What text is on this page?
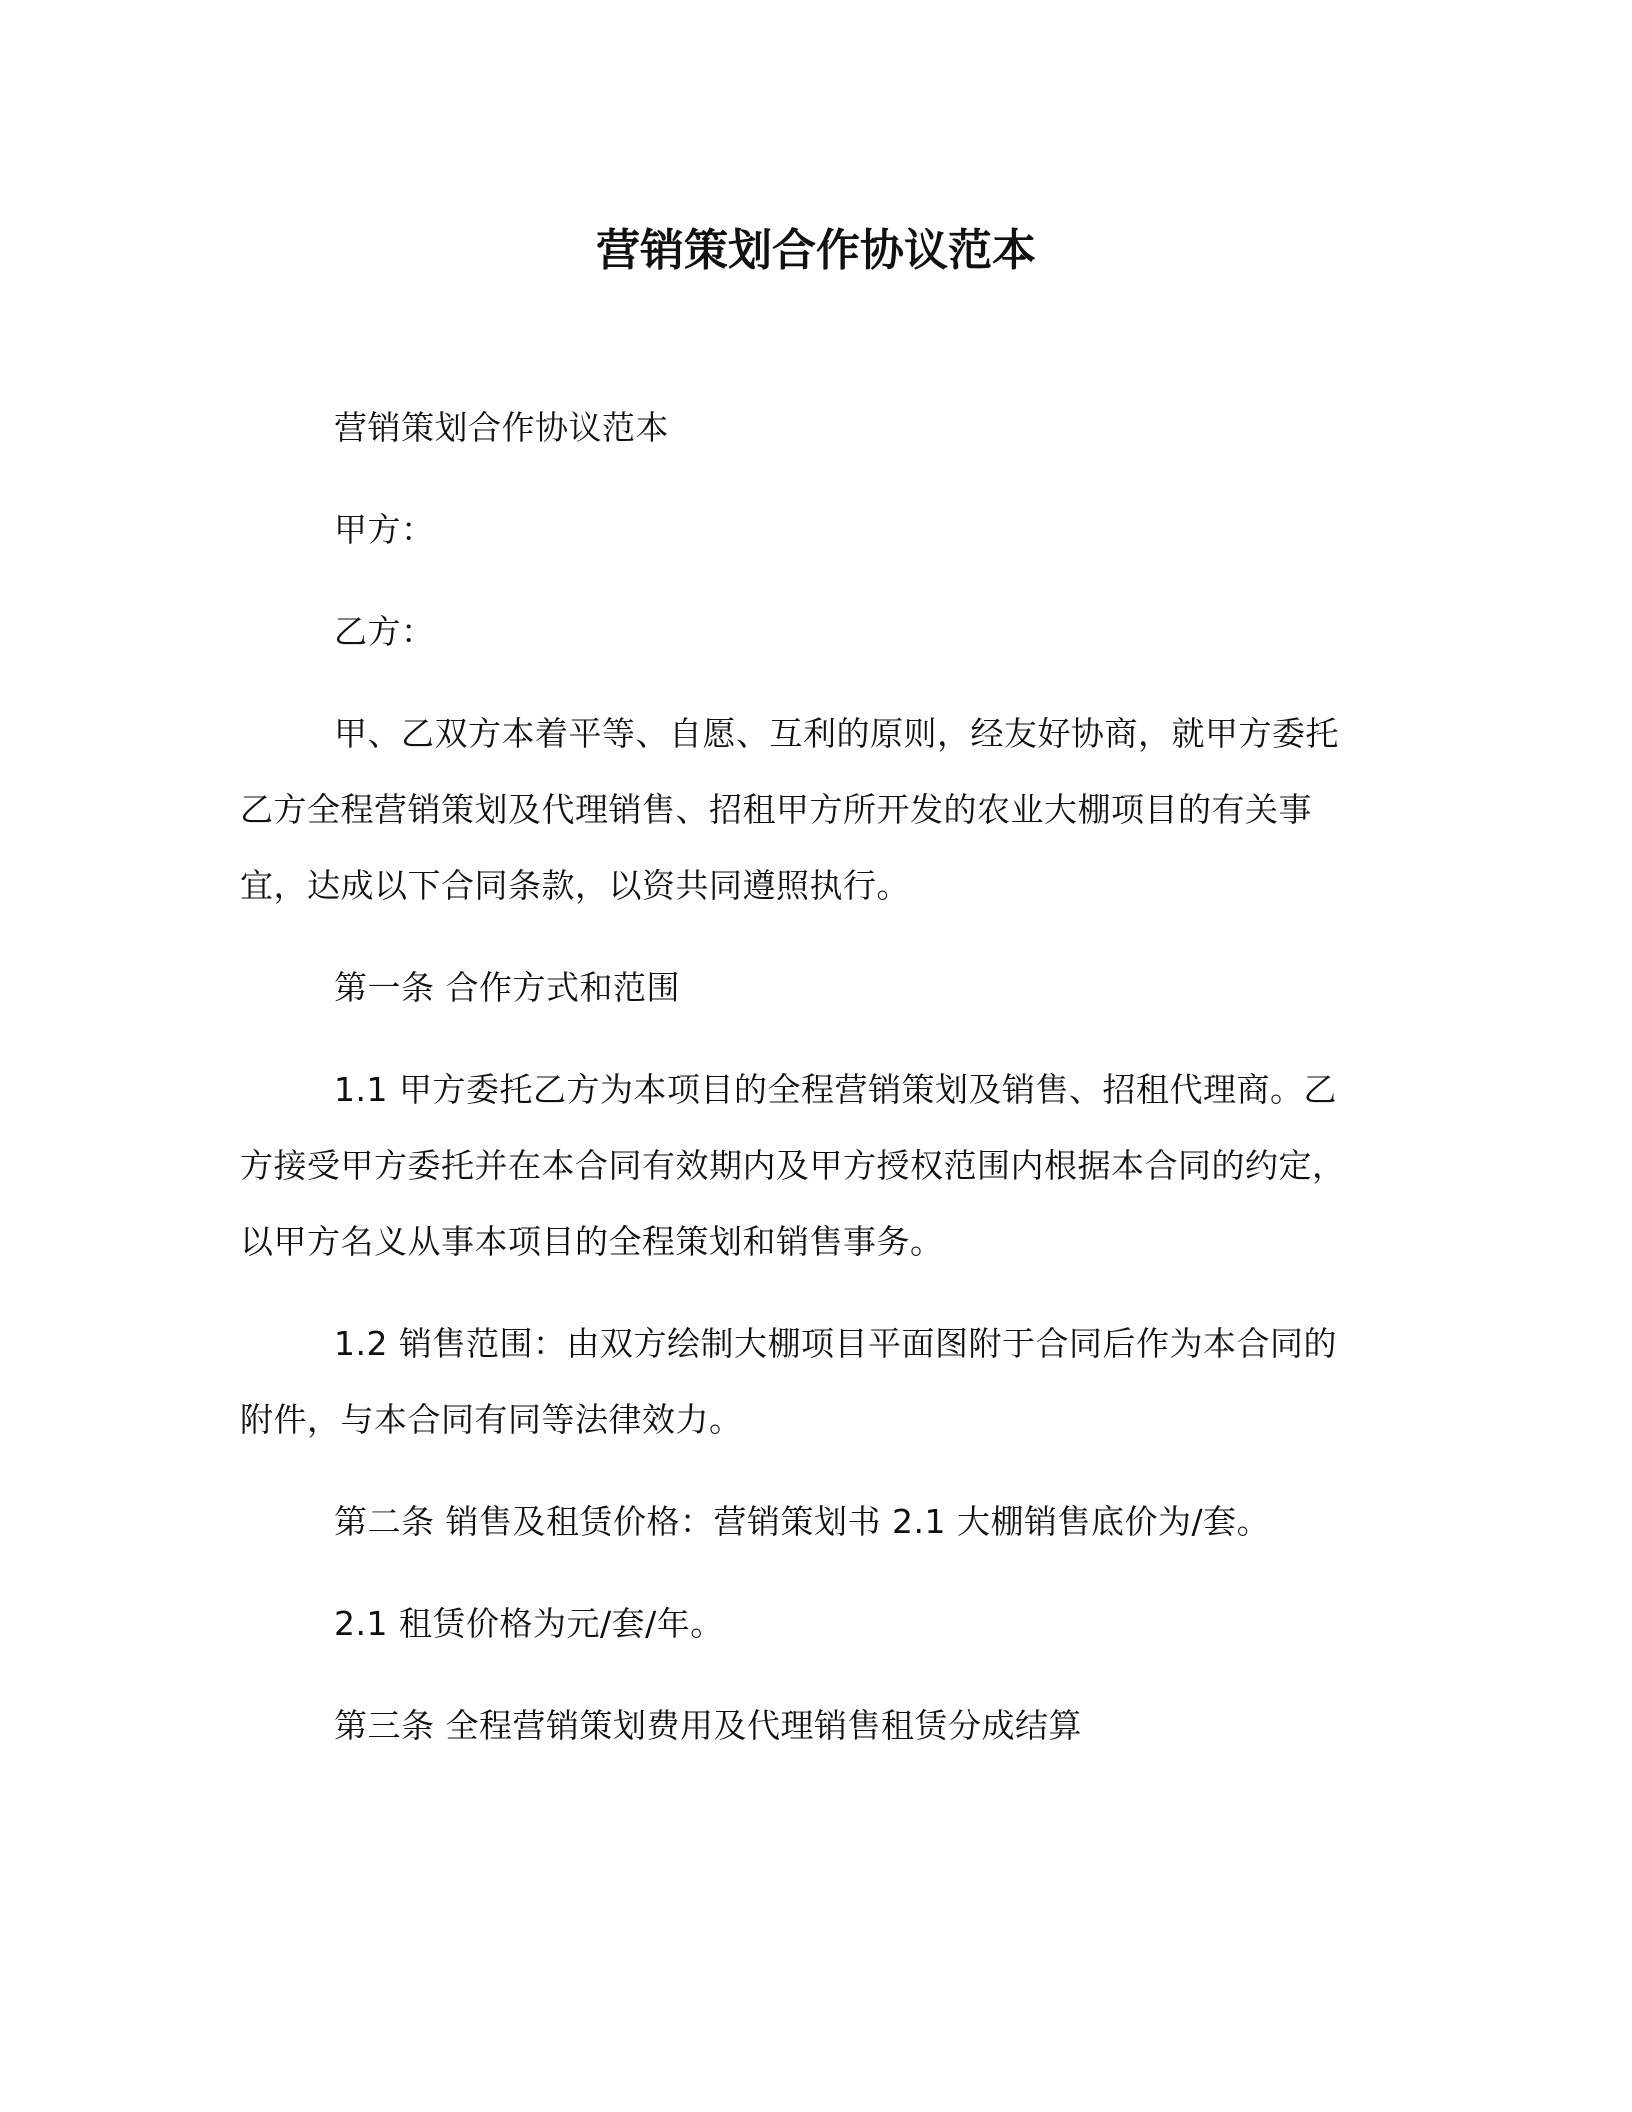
营销策划合作协议范本

营销策划合作协议范本

甲方：

乙方：

甲、乙双方本着平等、自愿、互利的原则，经友好协商，就甲方委托乙方全程营销策划及代理销售、招租甲方所开发的农业大棚项目的有关事宜，达成以下合同条款，以资共同遵照执行。

第一条 合作方式和范围

1.1 甲方委托乙方为本项目的全程营销策划及销售、招租代理商。乙方接受甲方委托并在本合同有效期内及甲方授权范围内根据本合同的约定，以甲方名义从事本项目的全程策划和销售事务。

1.2 销售范围：由双方绘制大棚项目平面图附于合同后作为本合同的附件，与本合同有同等法律效力。

第二条 销售及租赁价格：营销策划书 2.1 大棚销售底价为/套。

2.1 租赁价格为元/套/年。

第三条 全程营销策划费用及代理销售租赁分成结算
